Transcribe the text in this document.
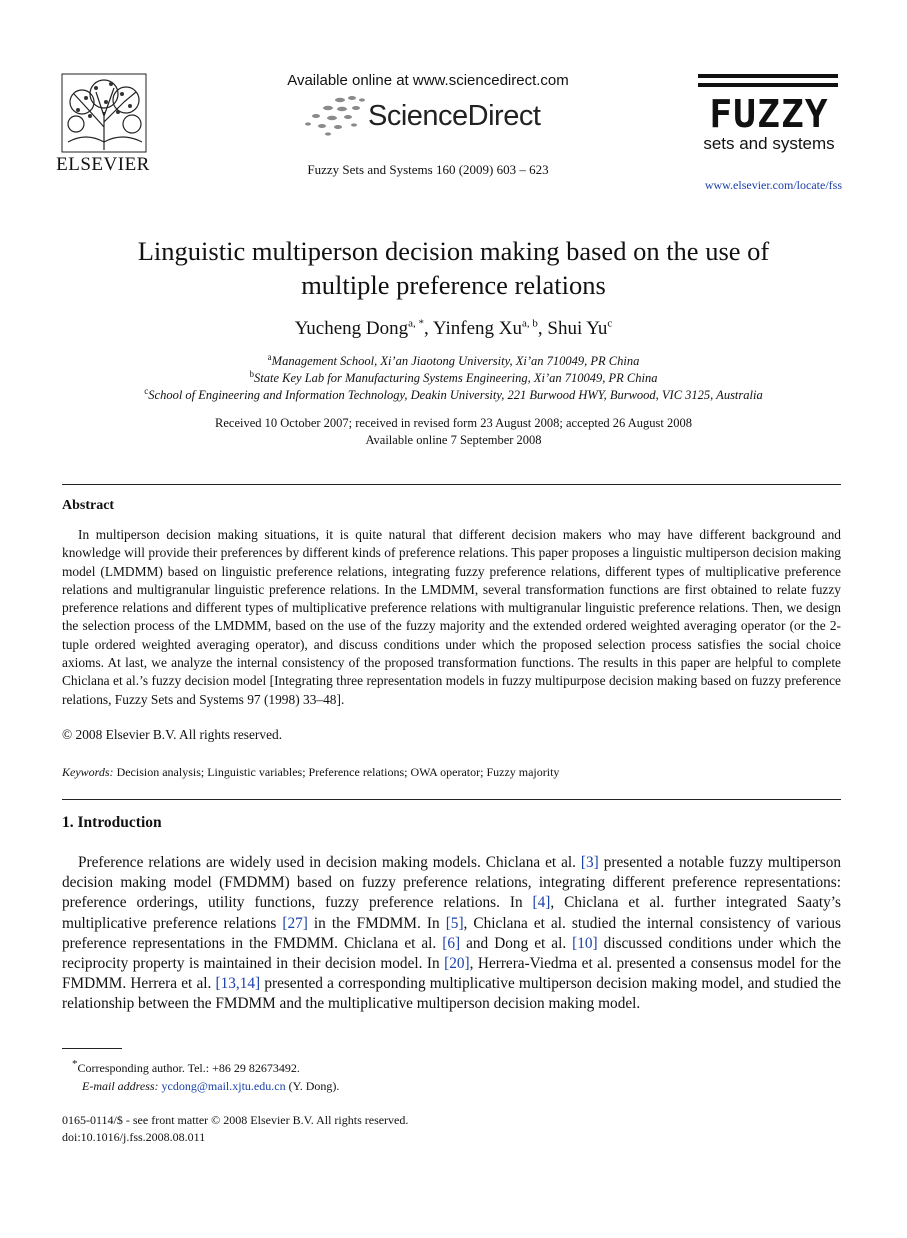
ELSEVIER
Available online at www.sciencedirect.com
ScienceDirect
Fuzzy Sets and Systems 160 (2009) 603 – 623
FUZZY
sets and systems
www.elsevier.com/locate/fss
Linguistic multiperson decision making based on the use of
multiple preference relations
Yucheng Dong$^{a, *}$, Yinfeng Xu$^{a, b}$, Shui Yu$^c$
$^a$Management School, Xi’an Jiaotong University, Xi’an 710049, PR China
$^b$State Key Lab for Manufacturing Systems Engineering, Xi’an 710049, PR China
$^c$School of Engineering and Information Technology, Deakin University, 221 Burwood HWY, Burwood, VIC 3125, Australia
Received 10 October 2007; received in revised form 23 August 2008; accepted 26 August 2008
Available online 7 September 2008
Abstract
In multiperson decision making situations, it is quite natural that different decision makers who may have different background and knowledge will provide their preferences by different kinds of preference relations. This paper proposes a linguistic multiperson decision making model (LMDMM) based on linguistic preference relations, integrating fuzzy preference relations, different types of multiplicative preference relations and multigranular linguistic preference relations. In the LMDMM, several transformation functions are first obtained to relate fuzzy preference relations and different types of multiplicative preference relations with multigranular linguistic preference relations. Then, we design the selection process of the LMDMM, based on the use of the fuzzy majority and the extended ordered weighted averaging operator (or the 2-tuple ordered weighted averaging operator), and discuss conditions under which the proposed selection process satisfies the social choice axioms. At last, we analyze the internal consistency of the proposed transformation functions. The results in this paper are helpful to complete Chiclana et al.’s fuzzy decision model [Integrating three representation models in fuzzy multipurpose decision making based on fuzzy preference relations, Fuzzy Sets and Systems 97 (1998) 33–48].
© 2008 Elsevier B.V. All rights reserved.
Keywords: Decision analysis; Linguistic variables; Preference relations; OWA operator; Fuzzy majority
1. Introduction
Preference relations are widely used in decision making models. Chiclana et al. [3] presented a notable fuzzy multiperson decision making model (FMDMM) based on fuzzy preference relations, integrating different preference representations: preference orderings, utility functions, fuzzy preference relations. In [4], Chiclana et al. further integrated Saaty’s multiplicative preference relations [27] in the FMDMM. In [5], Chiclana et al. studied the internal consistency of various preference representations in the FMDMM. Chiclana et al. [6] and Dong et al. [10] discussed conditions under which the reciprocity property is maintained in their decision model. In [20], Herrera-Viedma et al. presented a consensus model for the FMDMM. Herrera et al. [13,14] presented a corresponding multiplicative multiperson decision making model, and studied the relationship between the FMDMM and the multiplicative multiperson decision making model.
*Corresponding author. Tel.: +86 29 82673492.
E-mail address: ycdong@mail.xjtu.edu.cn (Y. Dong).
0165-0114/$ - see front matter © 2008 Elsevier B.V. All rights reserved.
doi:10.1016/j.fss.2008.08.011
